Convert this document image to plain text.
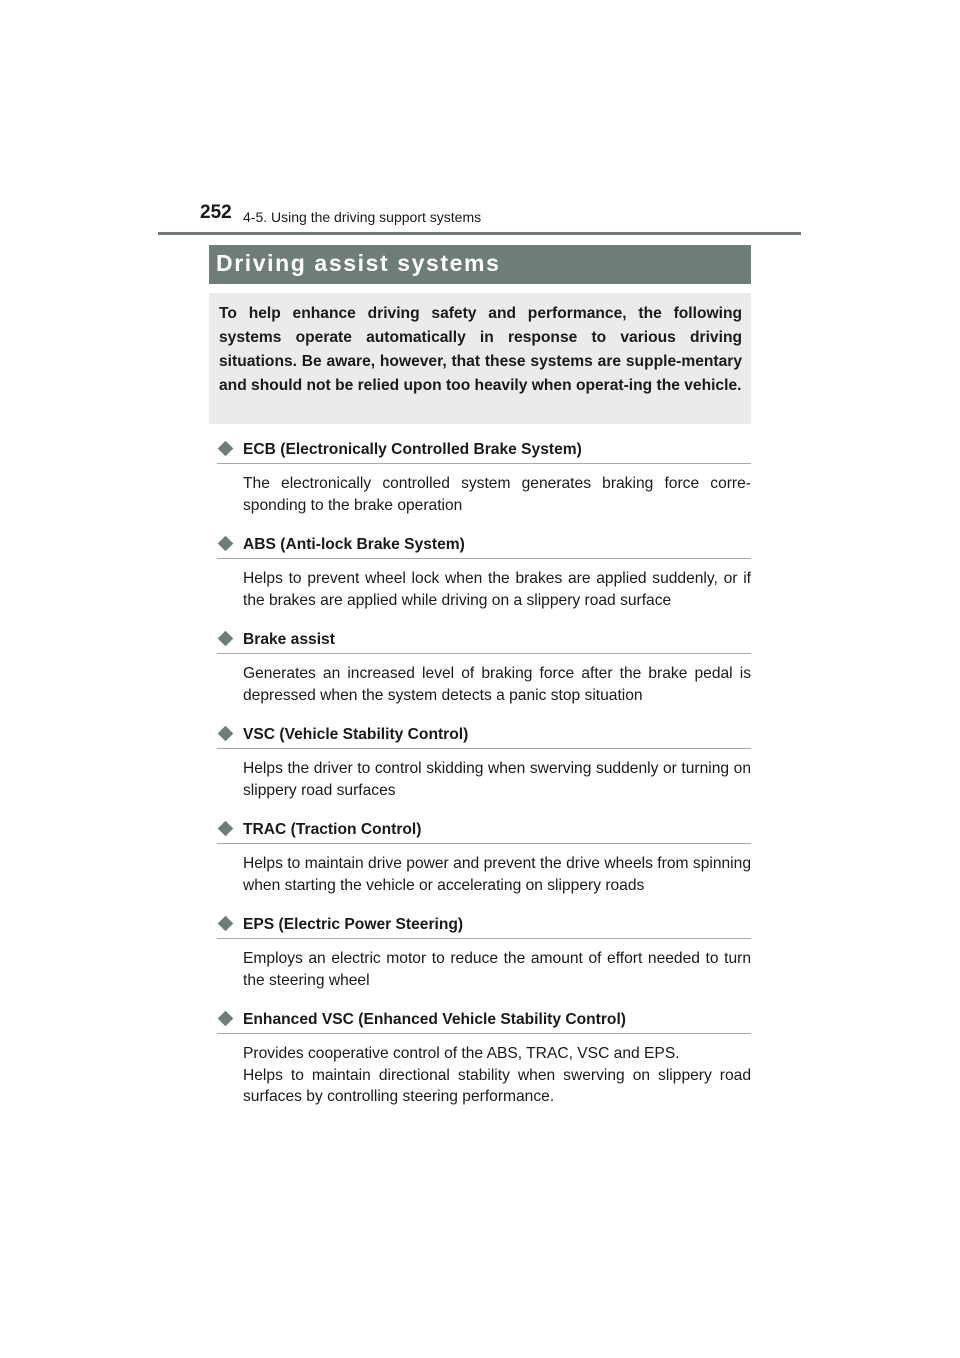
252 4-5. Using the driving support systems
Driving assist systems
To help enhance driving safety and performance, the following systems operate automatically in response to various driving situations. Be aware, however, that these systems are supple-mentary and should not be relied upon too heavily when operat-ing the vehicle.
ECB (Electronically Controlled Brake System)

The electronically controlled system generates braking force corre-sponding to the brake operation

ABS (Anti-lock Brake System)

Helps to prevent wheel lock when the brakes are applied suddenly, or if the brakes are applied while driving on a slippery road surface

Brake assist

Generates an increased level of braking force after the brake pedal is depressed when the system detects a panic stop situation

VSC (Vehicle Stability Control)

Helps the driver to control skidding when swerving suddenly or turning on slippery road surfaces

TRAC (Traction Control)

Helps to maintain drive power and prevent the drive wheels from spinning when starting the vehicle or accelerating on slippery roads

EPS (Electric Power Steering)

Employs an electric motor to reduce the amount of effort needed to turn the steering wheel

Enhanced VSC (Enhanced Vehicle Stability Control)

Provides cooperative control of the ABS, TRAC, VSC and EPS.

Helps to maintain directional stability when swerving on slippery road surfaces by controlling steering performance.
